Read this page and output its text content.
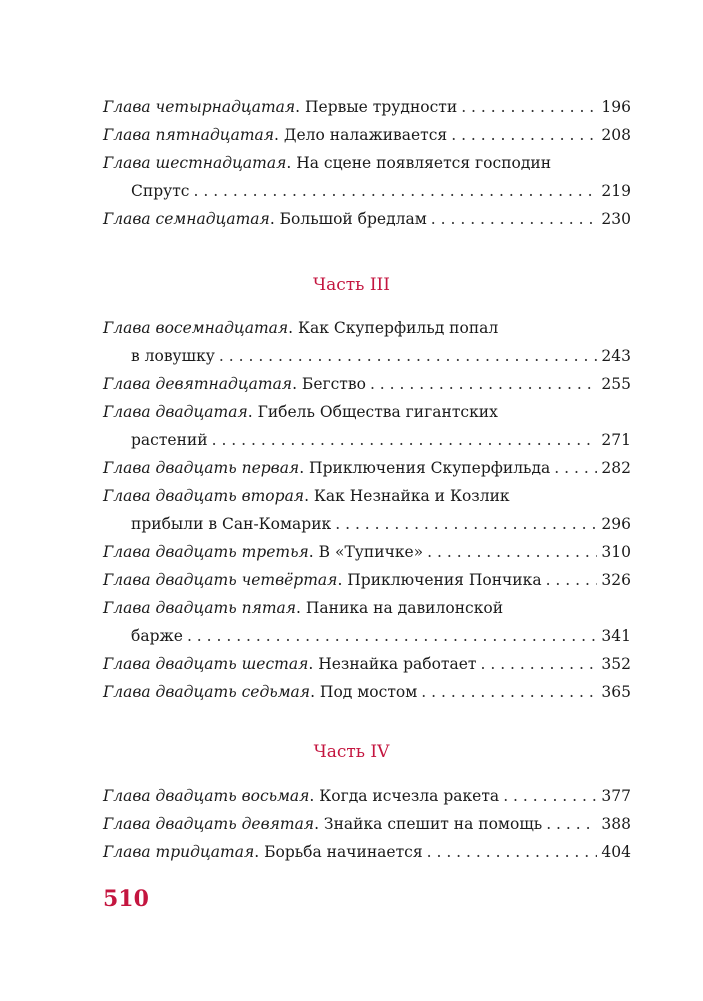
Глава четырнадцатая . Первые трудности . . .	196
Глава пятнадцатая . Дело налаживается . . .	208
Глава шестнадцатая . На сцене появляется господин
Спрутс . . .	219
Глава семнадцатая . Большой бредлам . . .	230
Часть III
Глава восемнадцатая . Как Скуперфильд попал
в ловушку . . .	243
Глава девятнадцатая . Бегство . . .	255
Глава двадцатая . Гибель Общества гигантских
растений . . .	271
Глава двадцать первая . Приключения Скуперфильда . . .	282
Глава двадцать вторая . Как Незнайка и Козлик
прибыли в Сан-Комарик . . .	296
Глава двадцать третья . В «Тупичке» . . .	310
Глава двадцать четвёртая . Приключения Пончика . . .	326
Глава двадцать пятая . Паника на давилонской
барже . . .	341
Глава двадцать шестая . Незнайка работает . . .	352
Глава двадцать седьмая . Под мостом . . .	365
Часть IV
Глава двадцать восьмая . Когда исчезла ракета . . .	377
Глава двадцать девятая . Знайка спешит на помощь . . .	388
Глава тридцатая . Борьба начинается . . .	404
510
